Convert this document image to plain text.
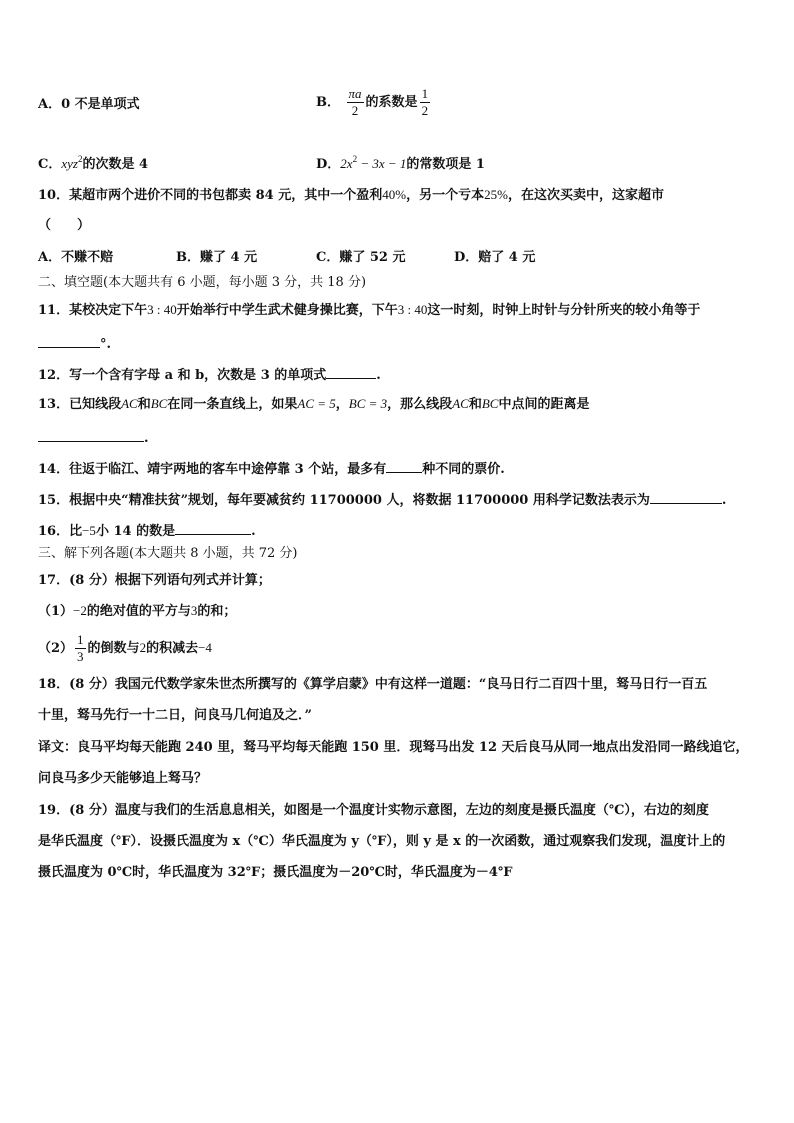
A．0 不是单项式	B． $\frac{\pi a}{2}$ 的系数是 $\frac{1}{2}$
C．xyz$^2$的次数是 4	D．$2x^2 - 3x - 1$的常数项是 1
10．某超市两个进价不同的书包都卖 84 元，其中一个盈利40%，另一个亏本25%，在这次买卖中，这家超市
（　　）
A．不赚不赔	B．赚了 4 元	C．赚了 52 元	D．赔了 4 元
二、填空题(本大题共有 6 小题，每小题 3 分，共 18 分)
11．某校决定下午3 : 40开始举行中学生武术健身操比赛，下午3 : 40这一时刻，时钟上时针与分针所夹的较小角等于
°.
12．写一个含有字母 a 和 b，次数是 3 的单项式	.
13．已知线段AC和BC在同一条直线上，如果AC = 5，BC = 3，那么线段AC和BC中点间的距离是
.
14．往返于临江、靖宇两地的客车中途停靠 3 个站，最多有	种不同的票价.
15．根据中央“精准扶贫”规划，每年要减贫约 11700000 人，将数据 11700000 用科学记数法表示为	.
16．比−5小 14 的数是	.
三、解下列各题(本大题共 8 小题，共 72 分)
17．(8 分）根据下列语句列式并计算；
（1）−2的绝对值的平方与3的和；
$(2) \frac{1}{3}$ 的倒数与2的积减去−4
18．(8 分）我国元代数学家朱世杰所撰写的《算学启蒙》中有这样一道题：“良马日行二百四十里，驽马日行一百五
十里，驽马先行一十二日，问良马几何追及之．”
译文：良马平均每天能跑 240 里，驽马平均每天能跑 150 里．现驽马出发 12 天后良马从同一地点出发沿同一路线追它，
问良马多少天能够追上驽马？
19．(8 分）温度与我们的生活息息相关，如图是一个温度计实物示意图，左边的刻度是摄氏温度（℃），右边的刻度
是华氏温度（℉）．设摄氏温度为 x（℃）华氏温度为 y（℉），则 y 是 x 的一次函数，通过观察我们发现，温度计上的
摄氏温度为 0℃时，华氏温度为 32℉；摄氏温度为－20℃时，华氏温度为－4℉
